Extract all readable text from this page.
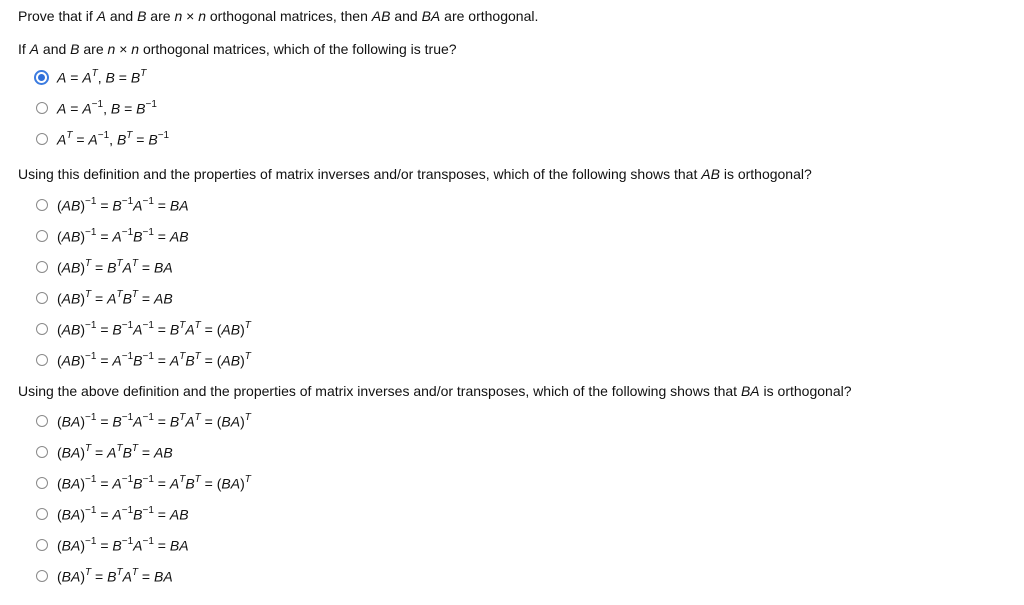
Prove that if A and B are n × n orthogonal matrices, then AB and BA are orthogonal.
If A and B are n × n orthogonal matrices, which of the following is true?
$A = A^T$, $B = B^T$
$A = A^{-1}$, $B = B^{-1}$
$A^T = A^{-1}$, $B^T = B^{-1}$
Using this definition and the properties of matrix inverses and/or transposes, which of the following shows that AB is orthogonal?
$(AB)^{-1} = B^{-1}A^{-1}$ = BA
$(AB)^{-1} = A^{-1}B^{-1}$ = AB
$(AB)^T = B^TA^T$ = BA
$(AB)^T = A^TB^T$ = AB
$(AB)^{-1} = B^{-1}A^{-1} = B^TA^T = (AB)^T$
$(AB)^{-1} = A^{-1}B^{-1} = A^TB^T = (AB)^T$
Using the above definition and the properties of matrix inverses and/or transposes, which of the following shows that BA is orthogonal?
$(BA)^{-1} = B^{-1}A^{-1} = B^TA^T = (BA)^T$
$(BA)^T = A^TB^T$ = AB
$(BA)^{-1} = A^{-1}B^{-1} = A^TB^T = (BA)^T$
$(BA)^{-1} = A^{-1}B^{-1}$ = AB
$(BA)^{-1} = B^{-1}A^{-1}$ = BA
$(BA)^T = B^TA^T$ = BA
